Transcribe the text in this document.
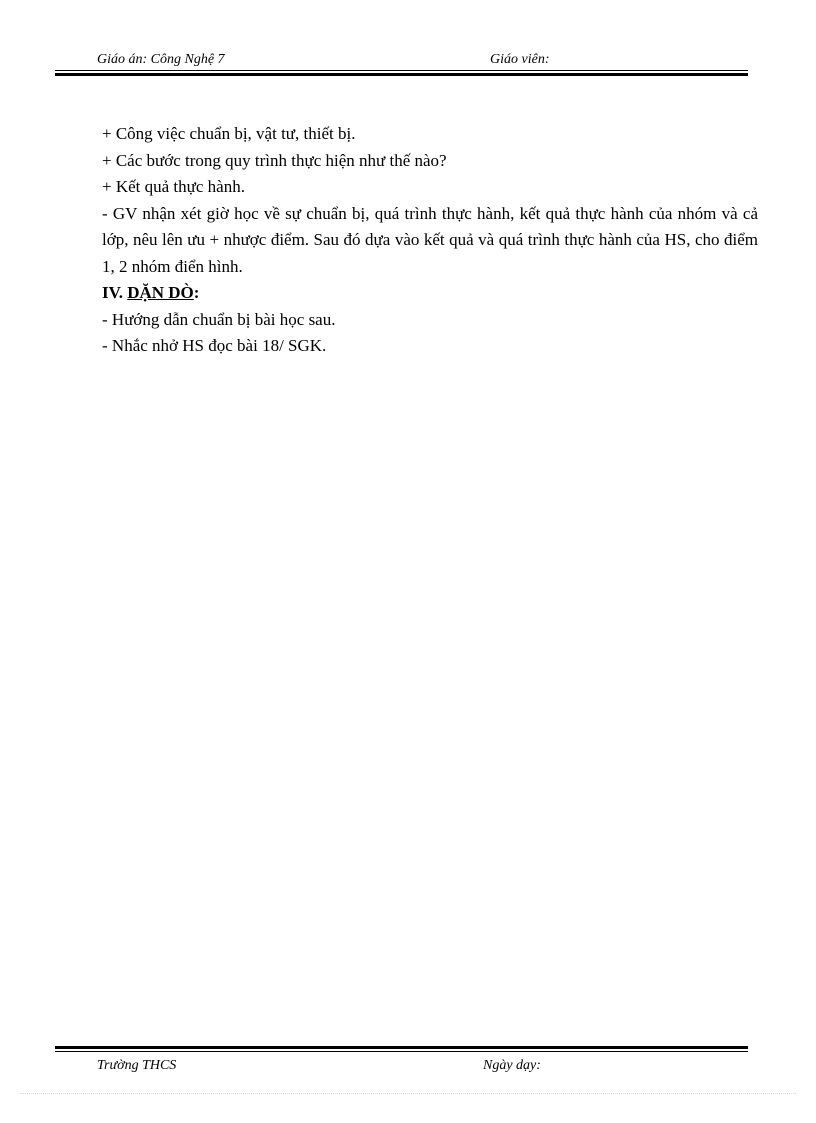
Giáo án: Công Nghệ 7	Giáo viên:

+ Công việc chuẩn bị, vật tư, thiết bị.

+ Các bước trong quy trình thực hiện như thế nào?

+ Kết quả thực hành.

- GV nhận xét giờ học về sự chuẩn bị, quá trình thực hành, kết quả thực hành của nhóm và cả lớp, nêu lên ưu + nhược điểm. Sau đó dựa vào kết quả và quá trình thực hành của HS, cho điểm 1, 2 nhóm điển hình.

IV. DẶN DÒ:

- Hướng dẫn chuẩn bị bài học sau.

- Nhắc nhở HS đọc bài 18/ SGK.

Trường THCS	Ngày dạy:
